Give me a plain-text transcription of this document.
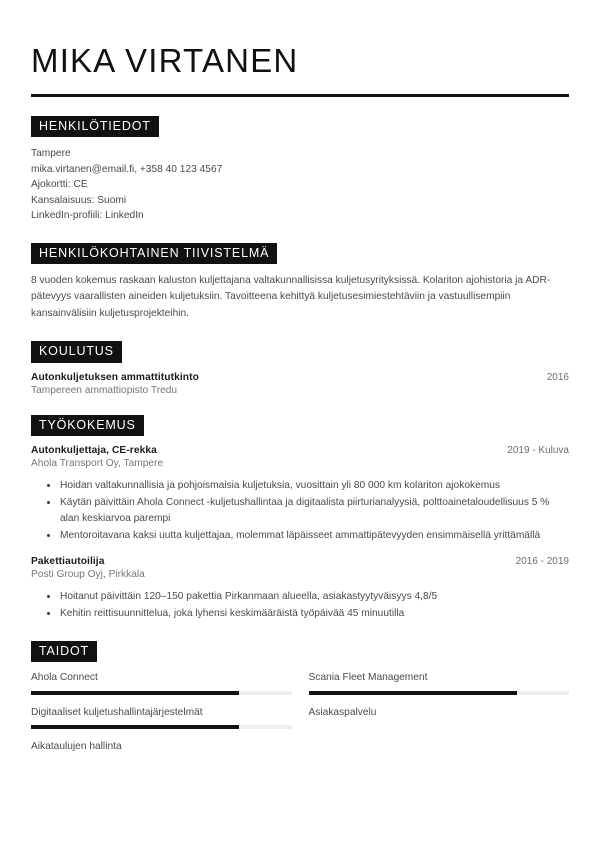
MIKA VIRTANEN
HENKILÖTIEDOT
Tampere
mika.virtanen@email.fi, +358 40 123 4567
Ajokortti: CE
Kansalaisuus: Suomi
LinkedIn-profiili: LinkedIn
HENKILÖKOHTAINEN TIIVISTELMÄ

8 vuoden kokemus raskaan kaluston kuljettajana valtakunnallisissa kuljetusyrityksissä. Kolariton ajohistoria ja ADR-pätevyys vaarallisten aineiden kuljetuksiin. Tavoitteena kehittyä kuljetusesimiestehtäviin ja vastuullisempiin kansainvälisiin kuljetusprojekteihin.

KOULUTUS
Autonkuljetuksen ammattitutkinto	2016
Tampereen ammattiopisto Tredu
TYÖKOKEMUS
Autonkuljettaja, CE-rekka	2019 - Kuluva
Ahola Transport Oy, Tampere
Hoidan valtakunnallisia ja pohjoismaisia kuljetuksia, vuosittain yli 80 000 km kolariton ajokokemus
Käytän päivittäin Ahola Connect -kuljetushallintaa ja digitaalista piirturianalyysiä, polttoainetaloudellisuus 5 % alan keskiarvoa parempi
Mentoroitavana kaksi uutta kuljettajaa, molemmat läpäisseet ammattipätevyyden ensimmäisellä yrittämällä
Pakettiautoilija	2016 - 2019
Posti Group Oyj, Pirkkala
Hoitanut päivittäin 120–150 pakettia Pirkanmaan alueella, asiakastyytyväisyys 4,8/5
Kehitin reittisuunnittelua, joka lyhensi keskimääräistä työpäivää 45 minuutilla
TAIDOT
Ahola Connect	Scania Fleet Management
Digitaaliset kuljetushallintajärjestelmät	Asiakaspalvelu
Aikataulujen hallinta
